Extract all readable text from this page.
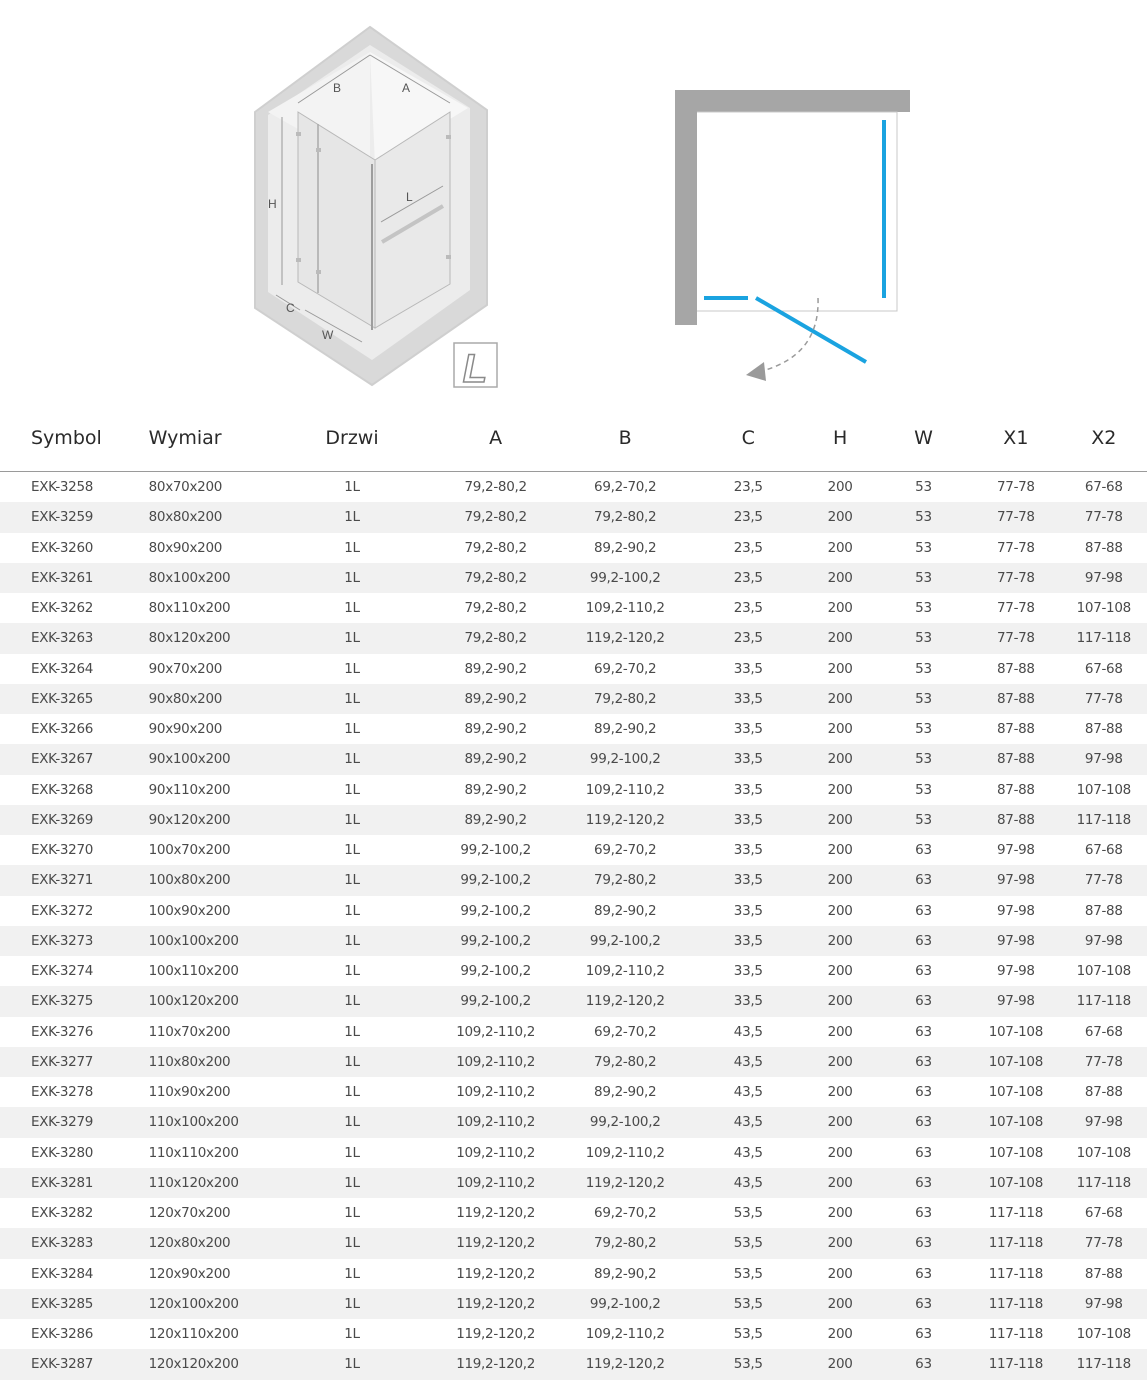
B	A
H	L
C
W
L
Symbol	Wymiar	Drzwi	A	B	C	H	W	X1	X2
EXK-3258	80x70x200	1L	79,2-80,2	69,2-70,2	23,5	200	53	77-78	67-68
EXK-3259	80x80x200	1L	79,2-80,2	79,2-80,2	23,5	200	53	77-78	77-78
EXK-3260	80x90x200	1L	79,2-80,2	89,2-90,2	23,5	200	53	77-78	87-88
EXK-3261	80x100x200	1L	79,2-80,2	99,2-100,2	23,5	200	53	77-78	97-98
EXK-3262	80x110x200	1L	79,2-80,2	109,2-110,2	23,5	200	53	77-78	107-108
EXK-3263	80x120x200	1L	79,2-80,2	119,2-120,2	23,5	200	53	77-78	117-118
EXK-3264	90x70x200	1L	89,2-90,2	69,2-70,2	33,5	200	53	87-88	67-68
EXK-3265	90x80x200	1L	89,2-90,2	79,2-80,2	33,5	200	53	87-88	77-78
EXK-3266	90x90x200	1L	89,2-90,2	89,2-90,2	33,5	200	53	87-88	87-88
EXK-3267	90x100x200	1L	89,2-90,2	99,2-100,2	33,5	200	53	87-88	97-98
EXK-3268	90x110x200	1L	89,2-90,2	109,2-110,2	33,5	200	53	87-88	107-108
EXK-3269	90x120x200	1L	89,2-90,2	119,2-120,2	33,5	200	53	87-88	117-118
EXK-3270	100x70x200	1L	99,2-100,2	69,2-70,2	33,5	200	63	97-98	67-68
EXK-3271	100x80x200	1L	99,2-100,2	79,2-80,2	33,5	200	63	97-98	77-78
EXK-3272	100x90x200	1L	99,2-100,2	89,2-90,2	33,5	200	63	97-98	87-88
EXK-3273	100x100x200	1L	99,2-100,2	99,2-100,2	33,5	200	63	97-98	97-98
EXK-3274	100x110x200	1L	99,2-100,2	109,2-110,2	33,5	200	63	97-98	107-108
EXK-3275	100x120x200	1L	99,2-100,2	119,2-120,2	33,5	200	63	97-98	117-118
EXK-3276	110x70x200	1L	109,2-110,2	69,2-70,2	43,5	200	63	107-108	67-68
EXK-3277	110x80x200	1L	109,2-110,2	79,2-80,2	43,5	200	63	107-108	77-78
EXK-3278	110x90x200	1L	109,2-110,2	89,2-90,2	43,5	200	63	107-108	87-88
EXK-3279	110x100x200	1L	109,2-110,2	99,2-100,2	43,5	200	63	107-108	97-98
EXK-3280	110x110x200	1L	109,2-110,2	109,2-110,2	43,5	200	63	107-108	107-108
EXK-3281	110x120x200	1L	109,2-110,2	119,2-120,2	43,5	200	63	107-108	117-118
EXK-3282	120x70x200	1L	119,2-120,2	69,2-70,2	53,5	200	63	117-118	67-68
EXK-3283	120x80x200	1L	119,2-120,2	79,2-80,2	53,5	200	63	117-118	77-78
EXK-3284	120x90x200	1L	119,2-120,2	89,2-90,2	53,5	200	63	117-118	87-88
EXK-3285	120x100x200	1L	119,2-120,2	99,2-100,2	53,5	200	63	117-118	97-98
EXK-3286	120x110x200	1L	119,2-120,2	109,2-110,2	53,5	200	63	117-118	107-108
EXK-3287	120x120x200	1L	119,2-120,2	119,2-120,2	53,5	200	63	117-118	117-118
